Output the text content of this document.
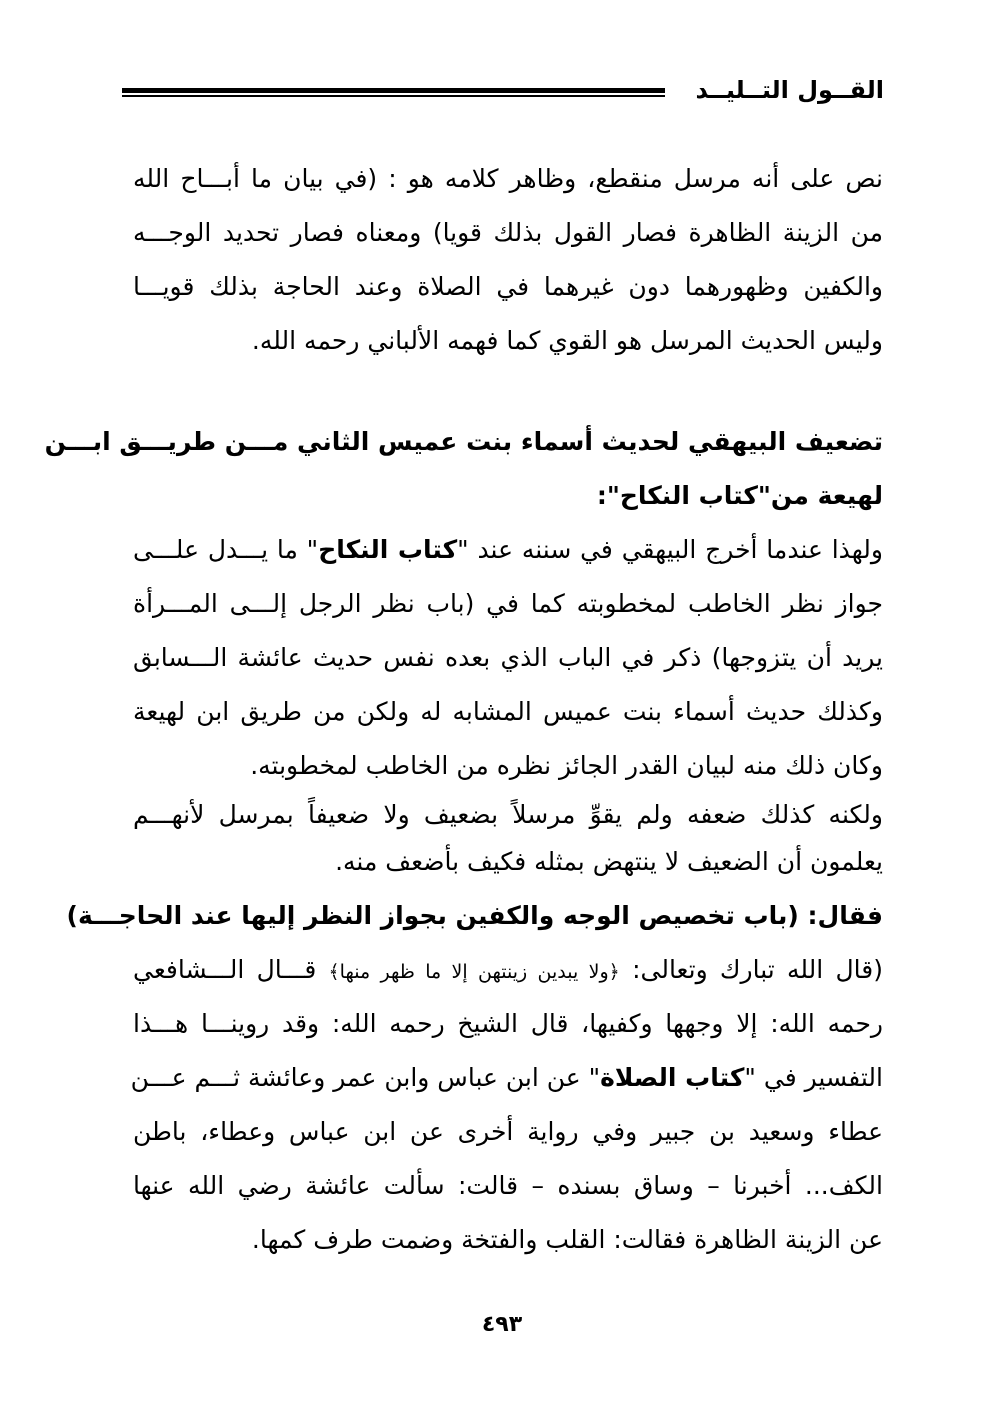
القــول التــليــد
نص على أنه مرسل منقطع، وظاهر كلامه هو : (في بيان ما أبـــاح الله
من الزينة الظاهرة فصار القول بذلك قويا) ومعناه فصار تحديد الوجـــه
والكفين وظهورهما دون غيرهما في الصلاة وعند الحاجة بذلك قويـــا
وليس الحديث المرسل هو القوي كما فهمه الألباني رحمه الله.
تضعيف البيهقي لحديث أسماء بنت عميس الثاني مـــن طريـــق ابـــن
لهيعة من"كتاب النكاح":
ولهذا عندما أخرج البيهقي في سننه عند "كتاب النكاح" ما يـــدل علـــى
جواز نظر الخاطب لمخطوبته كما في (باب نظر الرجل إلـــى المـــرأة
يريد أن يتزوجها) ذكر في الباب الذي بعده نفس حديث عائشة الـــسابق
وكذلك حديث أسماء بنت عميس المشابه له ولكن من طريق ابن لهيعة
وكان ذلك منه لبيان القدر الجائز نظره من الخاطب لمخطوبته.
ولكنه كذلك ضعفه ولم يقوِّ مرسلاً بضعيف ولا ضعيفاً بمرسل لأنهـــم
يعلمون أن الضعيف لا ينتهض بمثله فكيف بأضعف منه.
فقال: (باب تخصيص الوجه والكفين بجواز النظر إليها عند الحاجـــة)
(قال الله تبارك وتعالى: ﴿ولا يبدين زينتهن إلا ما ظهر منها﴾ قـــال الـــشافعي
رحمه الله: إلا وجهها وكفيها، قال الشيخ رحمه الله: وقد روينـــا هـــذا
التفسير في "كتاب الصلاة" عن ابن عباس وابن عمر وعائشة ثـــم عـــن
عطاء وسعيد بن جبير وفي رواية أخرى عن ابن عباس وعطاء، باطن
الكف... أخبرنا – وساق بسنده – قالت: سألت عائشة رضي الله عنها
عن الزينة الظاهرة فقالت: القلب والفتخة وضمت طرف كمها.
٤٩٣
